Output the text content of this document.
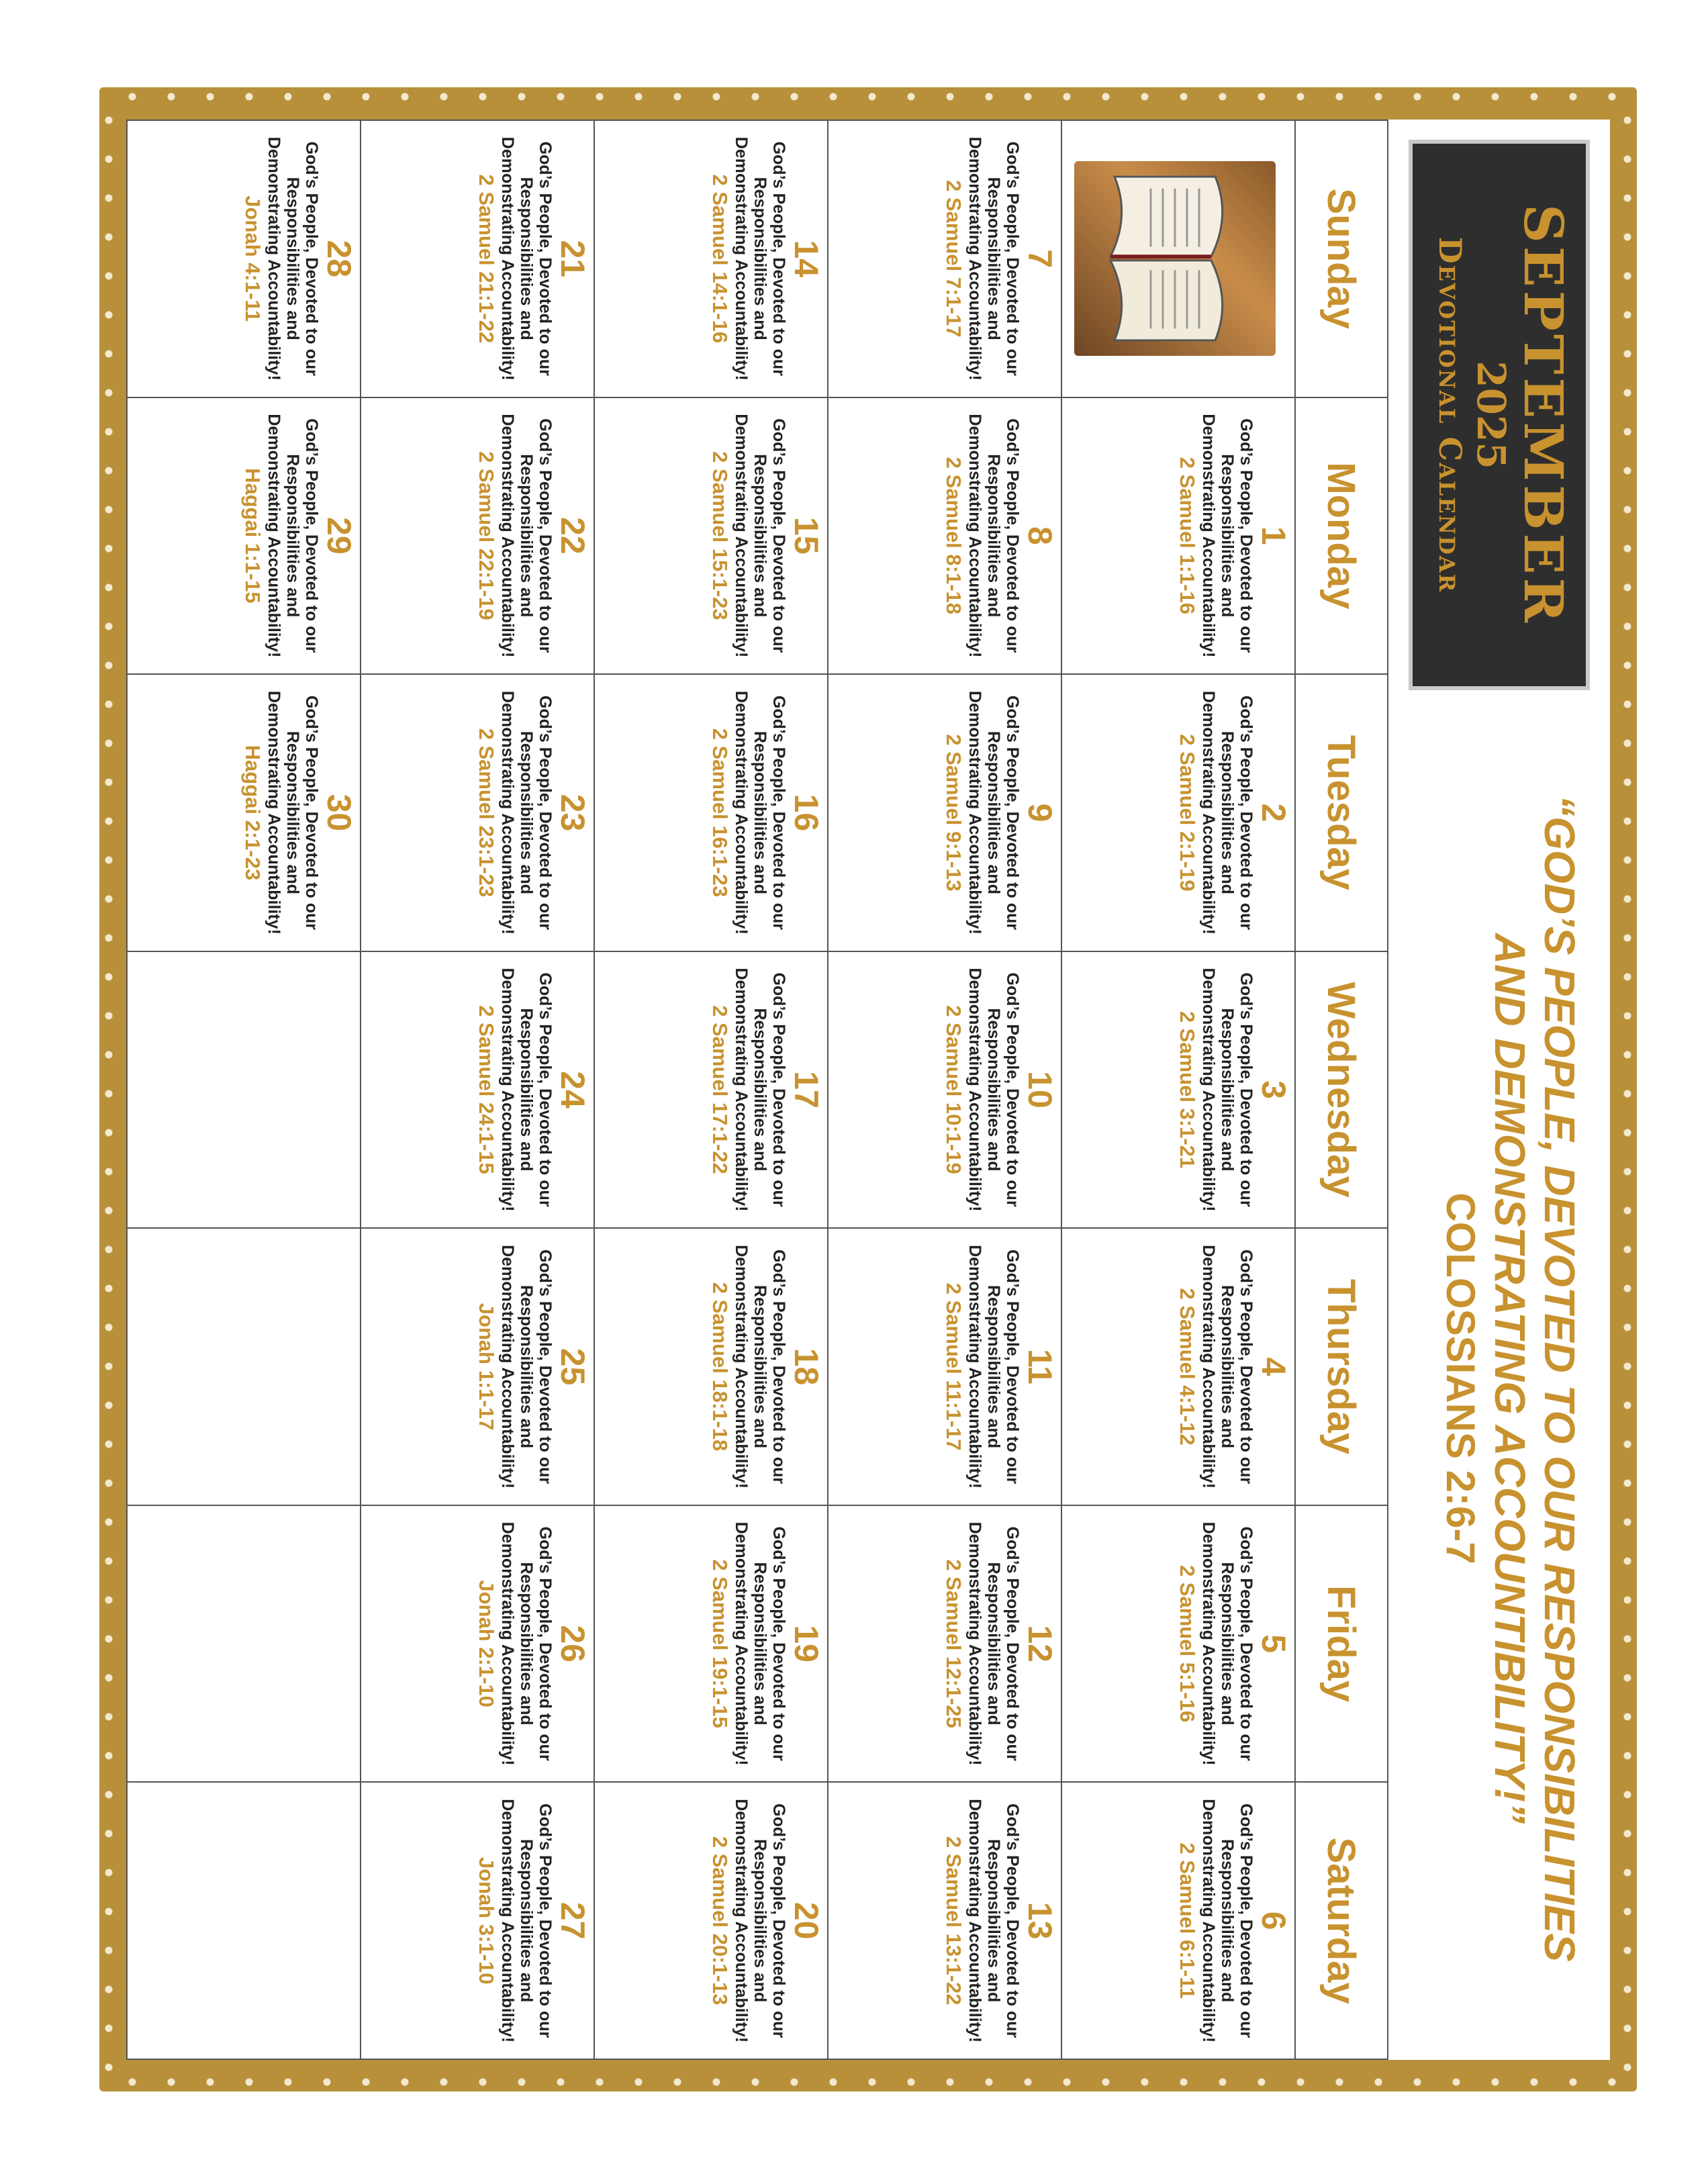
SEPTEMBER
2025
Devotional Calendar
“GOD’S PEOPLE, DEVOTED TO OUR RESPONSIBILITIES
AND DEMONSTRATING ACCOUNTIBILITY!”
COLOSSIANS 2:6-7
Sunday
Monday
Tuesday
Wednesday
Thursday
Friday
Saturday
1
God’s People, Devoted to our Responsibilities and Demonstrating Accountability!
2 Samuel 1:1-16
2
God’s People, Devoted to our Responsibilities and Demonstrating Accountability!
2 Samuel 2:1-19
3
God’s People, Devoted to our Responsibilities and Demonstrating Accountability!
2 Samuel 3:1-21
4
God’s People, Devoted to our Responsibilities and Demonstrating Accountability!
2 Samuel 4:1-12
5
God’s People, Devoted to our Responsibilities and Demonstrating Accountability!
2 Samuel 5:1-16
6
God’s People, Devoted to our Responsibilities and Demonstrating Accountability!
2 Samuel 6:1-11
7
God’s People, Devoted to our Responsibilities and Demonstrating Accountability!
2 Samuel 7:1-17
8
God’s People, Devoted to our Responsibilities and Demonstrating Accountability!
2 Samuel 8:1-18
9
God’s People, Devoted to our Responsibilities and Demonstrating Accountability!
2 Samuel 9:1-13
10
God’s People, Devoted to our Responsibilities and Demonstrating Accountability!
2 Samuel 10:1-19
11
God’s People, Devoted to our Responsibilities and Demonstrating Accountability!
2 Samuel 11:1-17
12
God’s People, Devoted to our Responsibilities and Demonstrating Accountability!
2 Samuel 12:1-25
13
God’s People, Devoted to our Responsibilities and Demonstrating Accountability!
2 Samuel 13:1-22
14
God’s People, Devoted to our Responsibilities and Demonstrating Accountability!
2 Samuel 14:1-16
15
God’s People, Devoted to our Responsibilities and Demonstrating Accountability!
2 Samuel 15:1-23
16
God’s People, Devoted to our Responsibilities and Demonstrating Accountability!
2 Samuel 16:1-23
17
God’s People, Devoted to our Responsibilities and Demonstrating Accountability!
2 Samuel 17:1-22
18
God’s People, Devoted to our Responsibilities and Demonstrating Accountability!
2 Samuel 18:1-18
19
God’s People, Devoted to our Responsibilities and Demonstrating Accountability!
2 Samuel 19:1-15
20
God’s People, Devoted to our Responsibilities and Demonstrating Accountability!
2 Samuel 20:1-13
21
God’s People, Devoted to our Responsibilities and Demonstrating Accountability!
2 Samuel 21:1-22
22
God’s People, Devoted to our Responsibilities and Demonstrating Accountability!
2 Samuel 22:1-19
23
God’s People, Devoted to our Responsibilities and Demonstrating Accountability!
2 Samuel 23:1-23
24
God’s People, Devoted to our Responsibilities and Demonstrating Accountability!
2 Samuel 24:1-15
25
God’s People, Devoted to our Responsibilities and Demonstrating Accountability!
Jonah 1:1-17
26
God’s People, Devoted to our Responsibilities and Demonstrating Accountability!
Jonah 2:1-10
27
God’s People, Devoted to our Responsibilities and Demonstrating Accountability!
Jonah 3:1-10
28
God’s People, Devoted to our Responsibilities and Demonstrating Accountability!
Jonah 4:1-11
29
God’s People, Devoted to our Responsibilities and Demonstrating Accountability!
Haggai 1:1-15
30
God’s People, Devoted to our Responsibilities and Demonstrating Accountability!
Haggai 2:1-23
